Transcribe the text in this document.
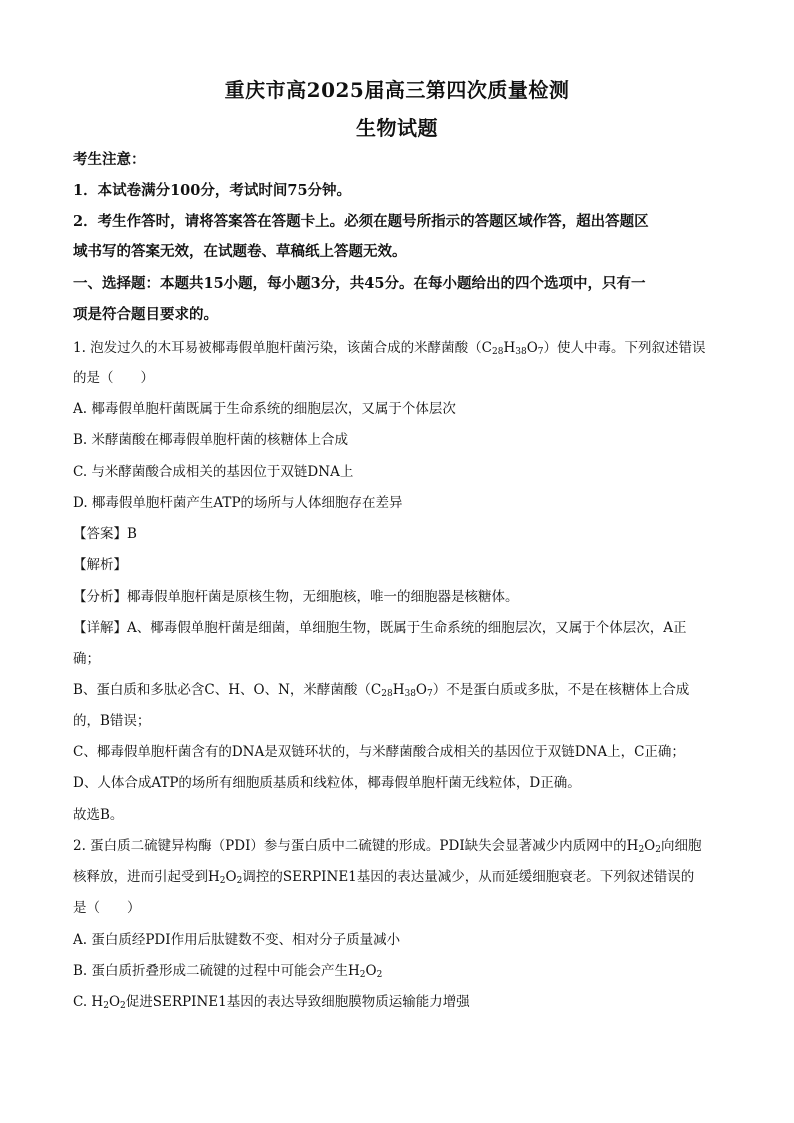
重庆市高2025届高三第四次质量检测
生物试题
考生注意：
1．本试卷满分100分，考试时间75分钟。
2．考生作答时，请将答案答在答题卡上。必须在题号所指示的答题区域作答，超出答题区
域书写的答案无效，在试题卷、草稿纸上答题无效。
一、选择题：本题共15小题，每小题3分，共45分。在每小题给出的四个选项中，只有一
项是符合题目要求的。
1. 泡发过久的木耳易被椰毒假单胞杆菌污染，该菌合成的米酵菌酸$(C_{28}H_{38}O_7)$使人中毒。下列叙述错误
的是（　　）
A. 椰毒假单胞杆菌既属于生命系统的细胞层次，又属于个体层次
B. 米酵菌酸在椰毒假单胞杆菌的核糖体上合成
C. 与米酵菌酸合成相关的基因位于双链DNA上
D. 椰毒假单胞杆菌产生ATP的场所与人体细胞存在差异
【答案】B
【解析】
【分析】椰毒假单胞杆菌是原核生物，无细胞核，唯一的细胞器是核糖体。
【详解】A、椰毒假单胞杆菌是细菌，单细胞生物，既属于生命系统的细胞层次，又属于个体层次，A正
确；
B、蛋白质和多肽必含C、H、O、N，米酵菌酸$(C_{28}H_{38}O_7)$不是蛋白质或多肽，不是在核糖体上合成
的，B错误；
C、椰毒假单胞杆菌含有的DNA是双链环状的，与米酵菌酸合成相关的基因位于双链DNA上，C正确；
D、人体合成ATP的场所有细胞质基质和线粒体，椰毒假单胞杆菌无线粒体，D正确。
故选B。
2. 蛋白质二硫键异构酶（PDI）参与蛋白质中二硫键的形成。PDI缺失会显著减少内质网中的$H_2O_2$向细胞
核释放，进而引起受到$H_2O_2$调控的SERPINE1基因的表达量减少，从而延缓细胞衰老。下列叙述错误的
是（　　）
A. 蛋白质经PDI作用后肽键数不变、相对分子质量减小
B. 蛋白质折叠形成二硫键的过程中可能会产生$H_2O_2$
C. $H_2O_2$促进SERPINE1基因的表达导致细胞膜物质运输能力增强
